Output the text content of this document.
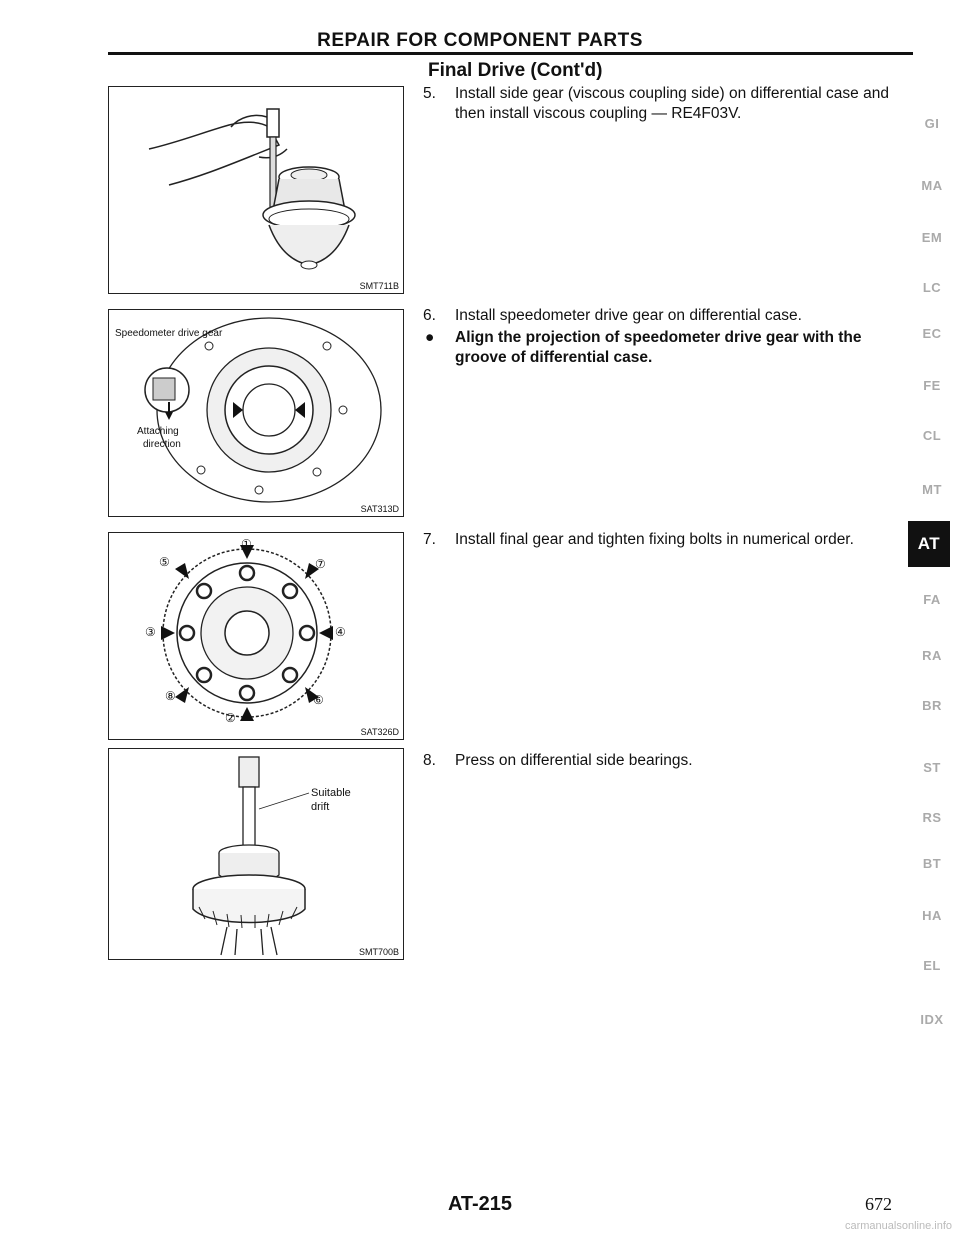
REPAIR FOR COMPONENT PARTS
Final Drive (Cont'd)
SMT711B
Speedometer drive gear
Attaching
direction
SAT313D
①
②
③	④
⑤
⑥
⑦
⑧
SAT326D
Suitable
drift
SMT700B
5.	Install side gear (viscous coupling side) on differential case and then install viscous coupling — RE4F03V.
6.	Install speedometer drive gear on differential case.
● Align the projection of speedometer drive gear with the groove of differential case.
7.	Install final gear and tighten fixing bolts in numerical order.
8.	Press on differential side bearings.
GI
MA
EM
LC
EC
FE
CL
MT
AT
FA
RA
BR
ST
RS
BT
HA
EL
IDX
AT-215	672
carmanualsonline.info
